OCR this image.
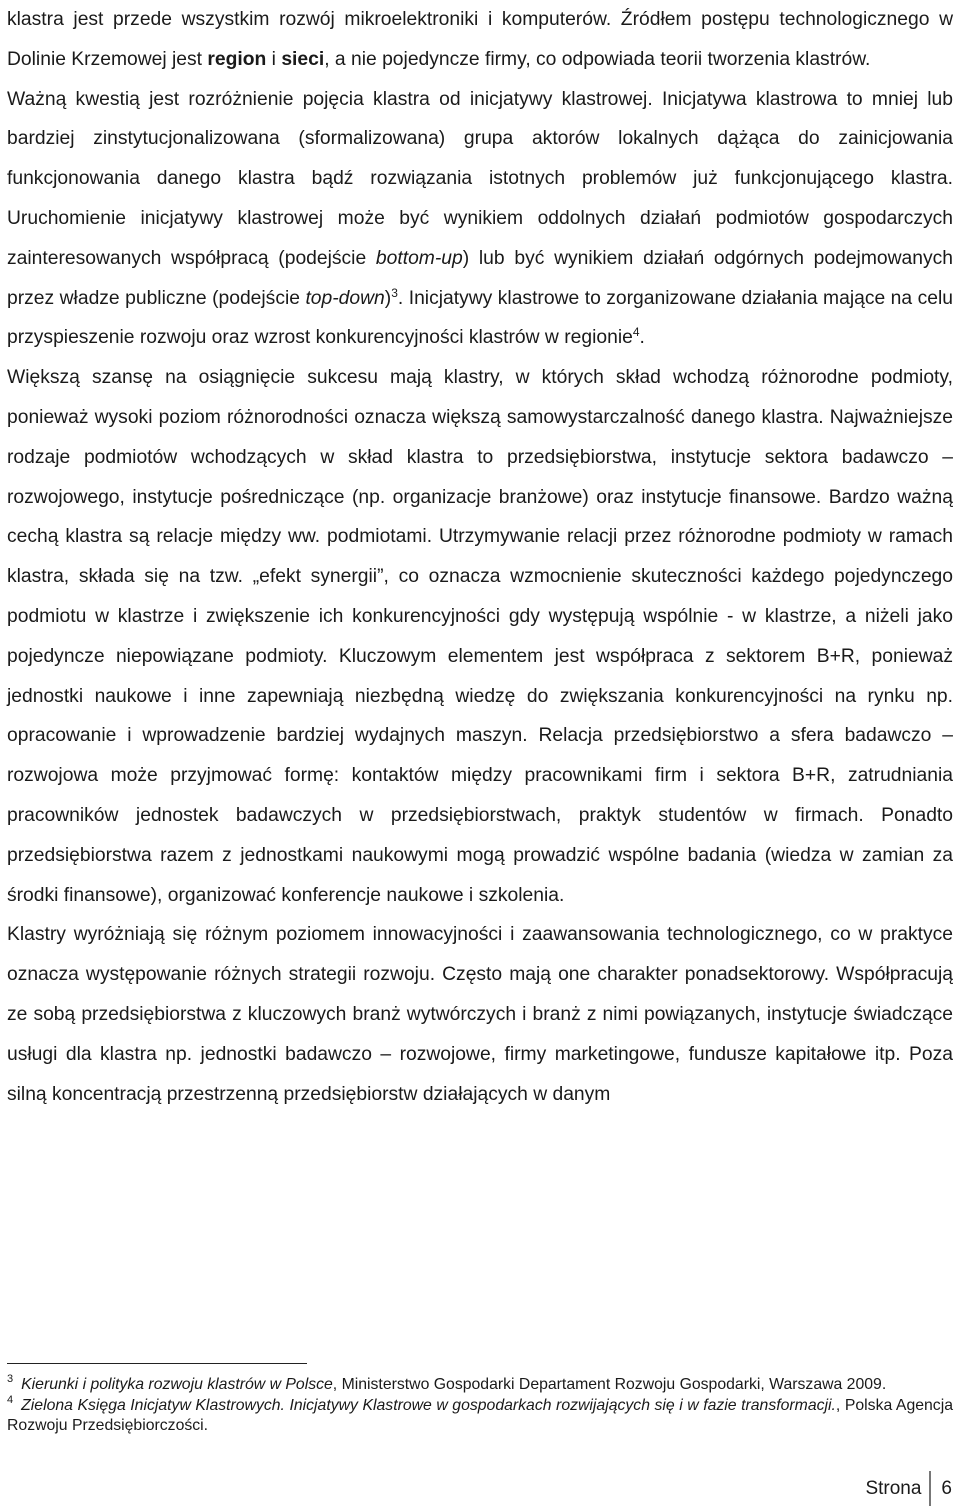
klastra jest przede wszystkim rozwój mikroelektroniki i komputerów. Źródłem postępu technologicznego w Dolinie Krzemowej jest region i sieci, a nie pojedyncze firmy, co odpowiada teorii tworzenia klastrów.

Ważną kwestią jest rozróżnienie pojęcia klastra od inicjatywy klastrowej. Inicjatywa klastrowa to mniej lub bardziej zinstytucjonalizowana (sformalizowana) grupa aktorów lokalnych dążąca do zainicjowania funkcjonowania danego klastra bądź rozwiązania istotnych problemów już funkcjonującego klastra. Uruchomienie inicjatywy klastrowej może być wynikiem oddolnych działań podmiotów gospodarczych zainteresowanych współpracą (podejście bottom-up) lub być wynikiem działań odgórnych podejmowanych przez władze publiczne (podejście top-down)$^3$. Inicjatywy klastrowe to zorganizowane działania mające na celu przyspieszenie rozwoju oraz wzrost konkurencyjności klastrów w regionie$^4$.

Większą szansę na osiągnięcie sukcesu mają klastry, w których skład wchodzą różnorodne podmioty, ponieważ wysoki poziom różnorodności oznacza większą samowystarczalność danego klastra. Najważniejsze rodzaje podmiotów wchodzących w skład klastra to przedsiębiorstwa, instytucje sektora badawczo – rozwojowego, instytucje pośredniczące (np. organizacje branżowe) oraz instytucje finansowe. Bardzo ważną cechą klastra są relacje między ww. podmiotami. Utrzymywanie relacji przez różnorodne podmioty w ramach klastra, składa się na tzw. „efekt synergii”, co oznacza wzmocnienie skuteczności każdego pojedynczego podmiotu w klastrze i zwiększenie ich konkurencyjności gdy występują wspólnie - w klastrze, a niżeli jako pojedyncze niepowiązane podmioty. Kluczowym elementem jest współpraca z sektorem B+R, ponieważ jednostki naukowe i inne zapewniają niezbędną wiedzę do zwiększania konkurencyjności na rynku np. opracowanie i wprowadzenie bardziej wydajnych maszyn. Relacja przedsiębiorstwo a sfera badawczo – rozwojowa może przyjmować formę: kontaktów między pracownikami firm i sektora B+R, zatrudniania pracowników jednostek badawczych w przedsiębiorstwach, praktyk studentów w firmach. Ponadto przedsiębiorstwa razem z jednostkami naukowymi mogą prowadzić wspólne badania (wiedza w zamian za środki finansowe), organizować konferencje naukowe i szkolenia.

Klastry wyróżniają się różnym poziomem innowacyjności i zaawansowania technologicznego, co w praktyce oznacza występowanie różnych strategii rozwoju. Często mają one charakter ponadsektorowy. Współpracują ze sobą przedsiębiorstwa z kluczowych branż wytwórczych i branż z nimi powiązanych, instytucje świadczące usługi dla klastra np. jednostki badawczo – rozwojowe, firmy marketingowe, fundusze kapitałowe itp. Poza silną koncentracją przestrzenną przedsiębiorstw działających w danym

$^3$ Kierunki i polityka rozwoju klastrów w Polsce, Ministerstwo Gospodarki Departament Rozwoju Gospodarki, Warszawa 2009.

$^4$ Zielona Księga Inicjatyw Klastrowych. Inicjatywy Klastrowe w gospodarkach rozwijających się i w fazie transformacji., Polska Agencja Rozwoju Przedsiębiorczości.

Strona	6
